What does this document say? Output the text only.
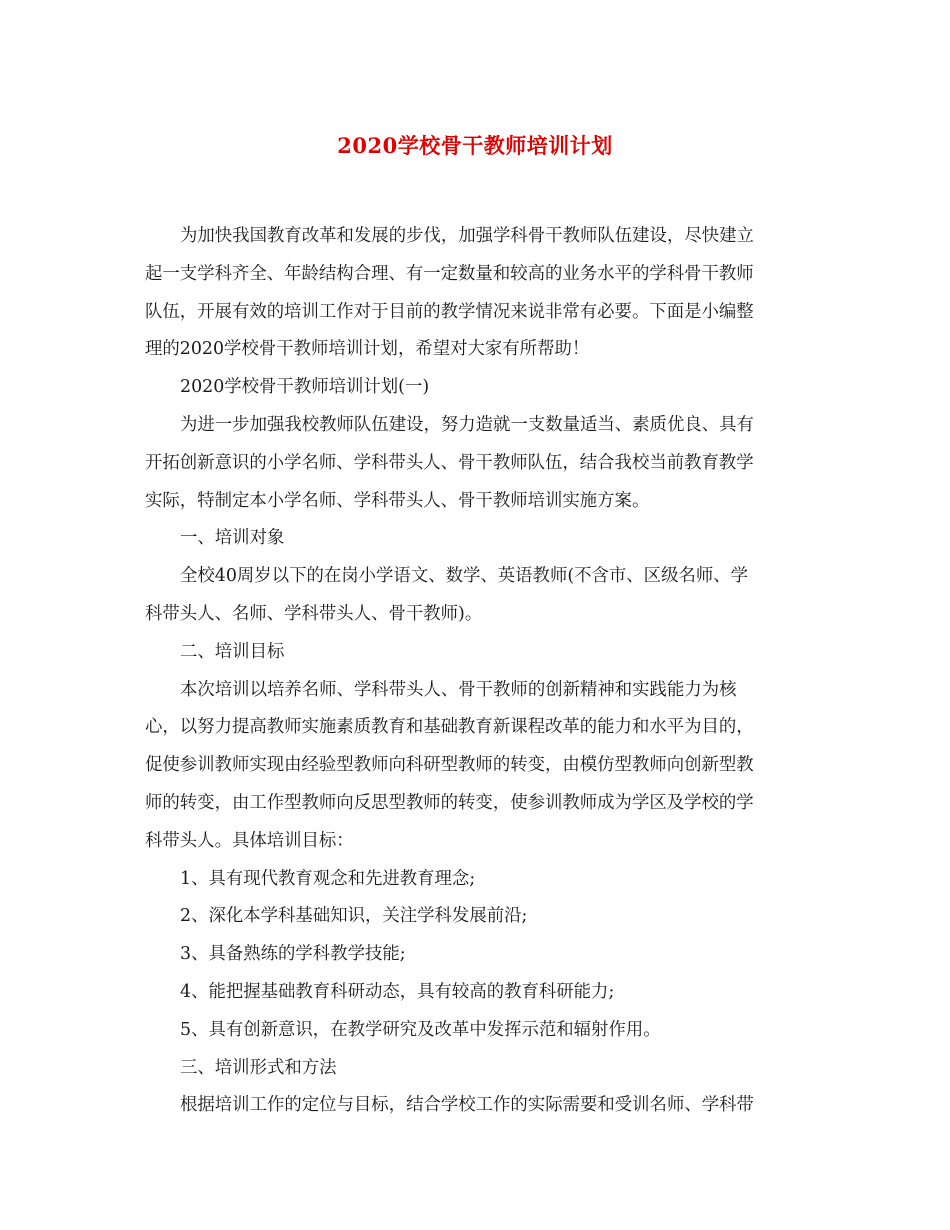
2020学校骨干教师培训计划
为加快我国教育改革和发展的步伐，加强学科骨干教师队伍建设，尽快建立
起一支学科齐全、年龄结构合理、有一定数量和较高的业务水平的学科骨干教师
队伍，开展有效的培训工作对于目前的教学情况来说非常有必要。下面是小编整
理的2020学校骨干教师培训计划，希望对大家有所帮助！
2020学校骨干教师培训计划(一)
为进一步加强我校教师队伍建设，努力造就一支数量适当、素质优良、具有
开拓创新意识的小学名师、学科带头人、骨干教师队伍，结合我校当前教育教学
实际，特制定本小学名师、学科带头人、骨干教师培训实施方案。
一、培训对象
全校40周岁以下的在岗小学语文、数学、英语教师(不含市、区级名师、学
科带头人、名师、学科带头人、骨干教师)。
二、培训目标
本次培训以培养名师、学科带头人、骨干教师的创新精神和实践能力为核
心，以努力提高教师实施素质教育和基础教育新课程改革的能力和水平为目的，
促使参训教师实现由经验型教师向科研型教师的转变，由模仿型教师向创新型教
师的转变，由工作型教师向反思型教师的转变，使参训教师成为学区及学校的学
科带头人。具体培训目标：
1、具有现代教育观念和先进教育理念;
2、深化本学科基础知识，关注学科发展前沿;
3、具备熟练的学科教学技能;
4、能把握基础教育科研动态，具有较高的教育科研能力;
5、具有创新意识，在教学研究及改革中发挥示范和辐射作用。
三、培训形式和方法
根据培训工作的定位与目标，结合学校工作的实际需要和受训名师、学科带
